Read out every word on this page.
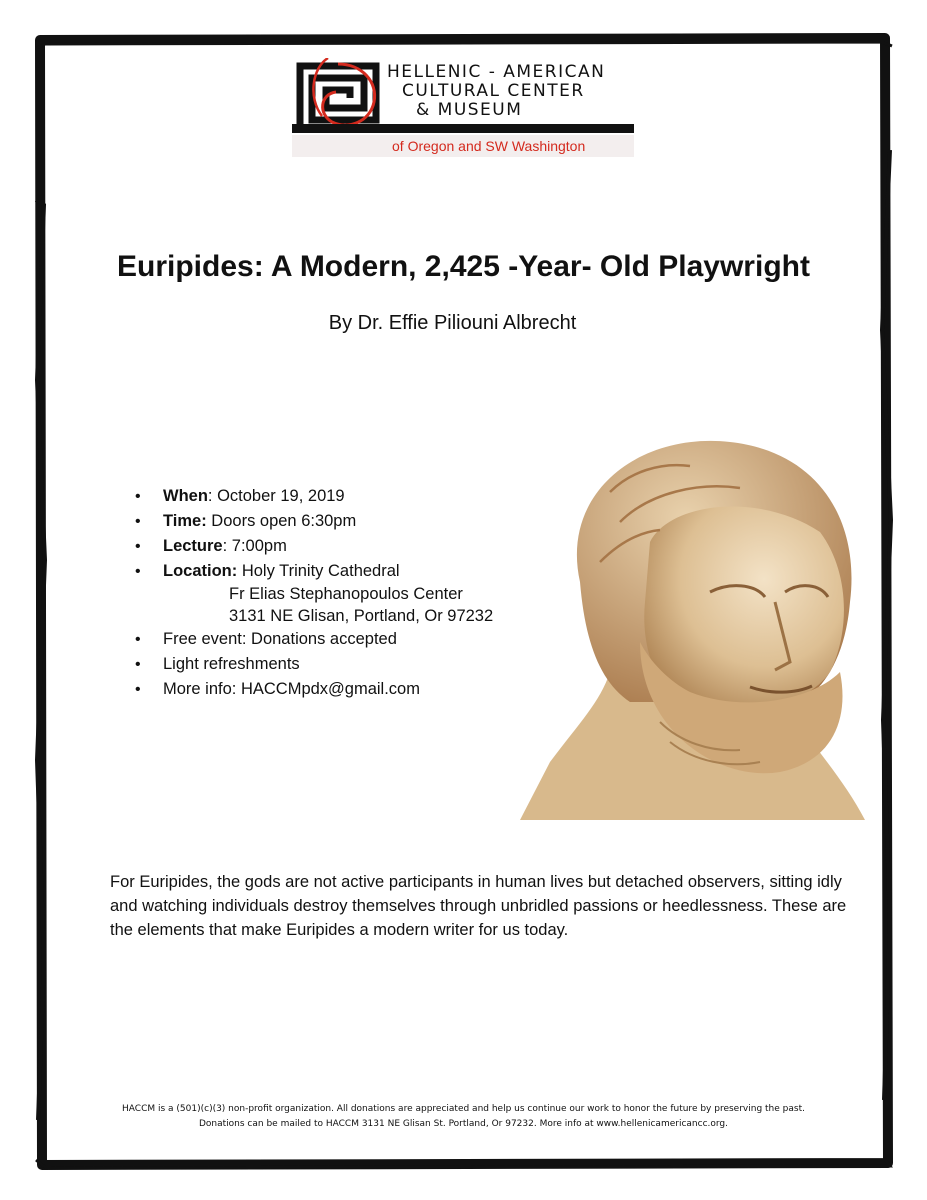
HELLENIC - AMERICAN
CULTURAL CENTER
& MUSEUM
of Oregon and SW Washington
Euripides: A Modern, 2,425 -Year- Old Playwright
By Dr. Effie Piliouni Albrecht
• When: October 19, 2019
• Time: Doors open 6:30pm
• Lecture: 7:00pm
• Location: Holy Trinity Cathedral
Fr Elias Stephanopoulos Center
3131 NE Glisan, Portland, Or 97232
• Free event: Donations accepted
• Light refreshments
• More info: HACCMpdx@gmail.com

For Euripides, the gods are not active participants in human lives but detached observers, sitting idly and watching individuals destroy themselves through unbridled passions or heedlessness. These are the elements that make Euripides a modern writer for us today.

HACCM is a (501)(c)(3) non-profit organization. All donations are appreciated and help us continue our work to honor the future by preserving the past.
Donations can be mailed to HACCM 3131 NE Glisan St. Portland, Or 97232. More info at www.hellenicamericancc.org.
